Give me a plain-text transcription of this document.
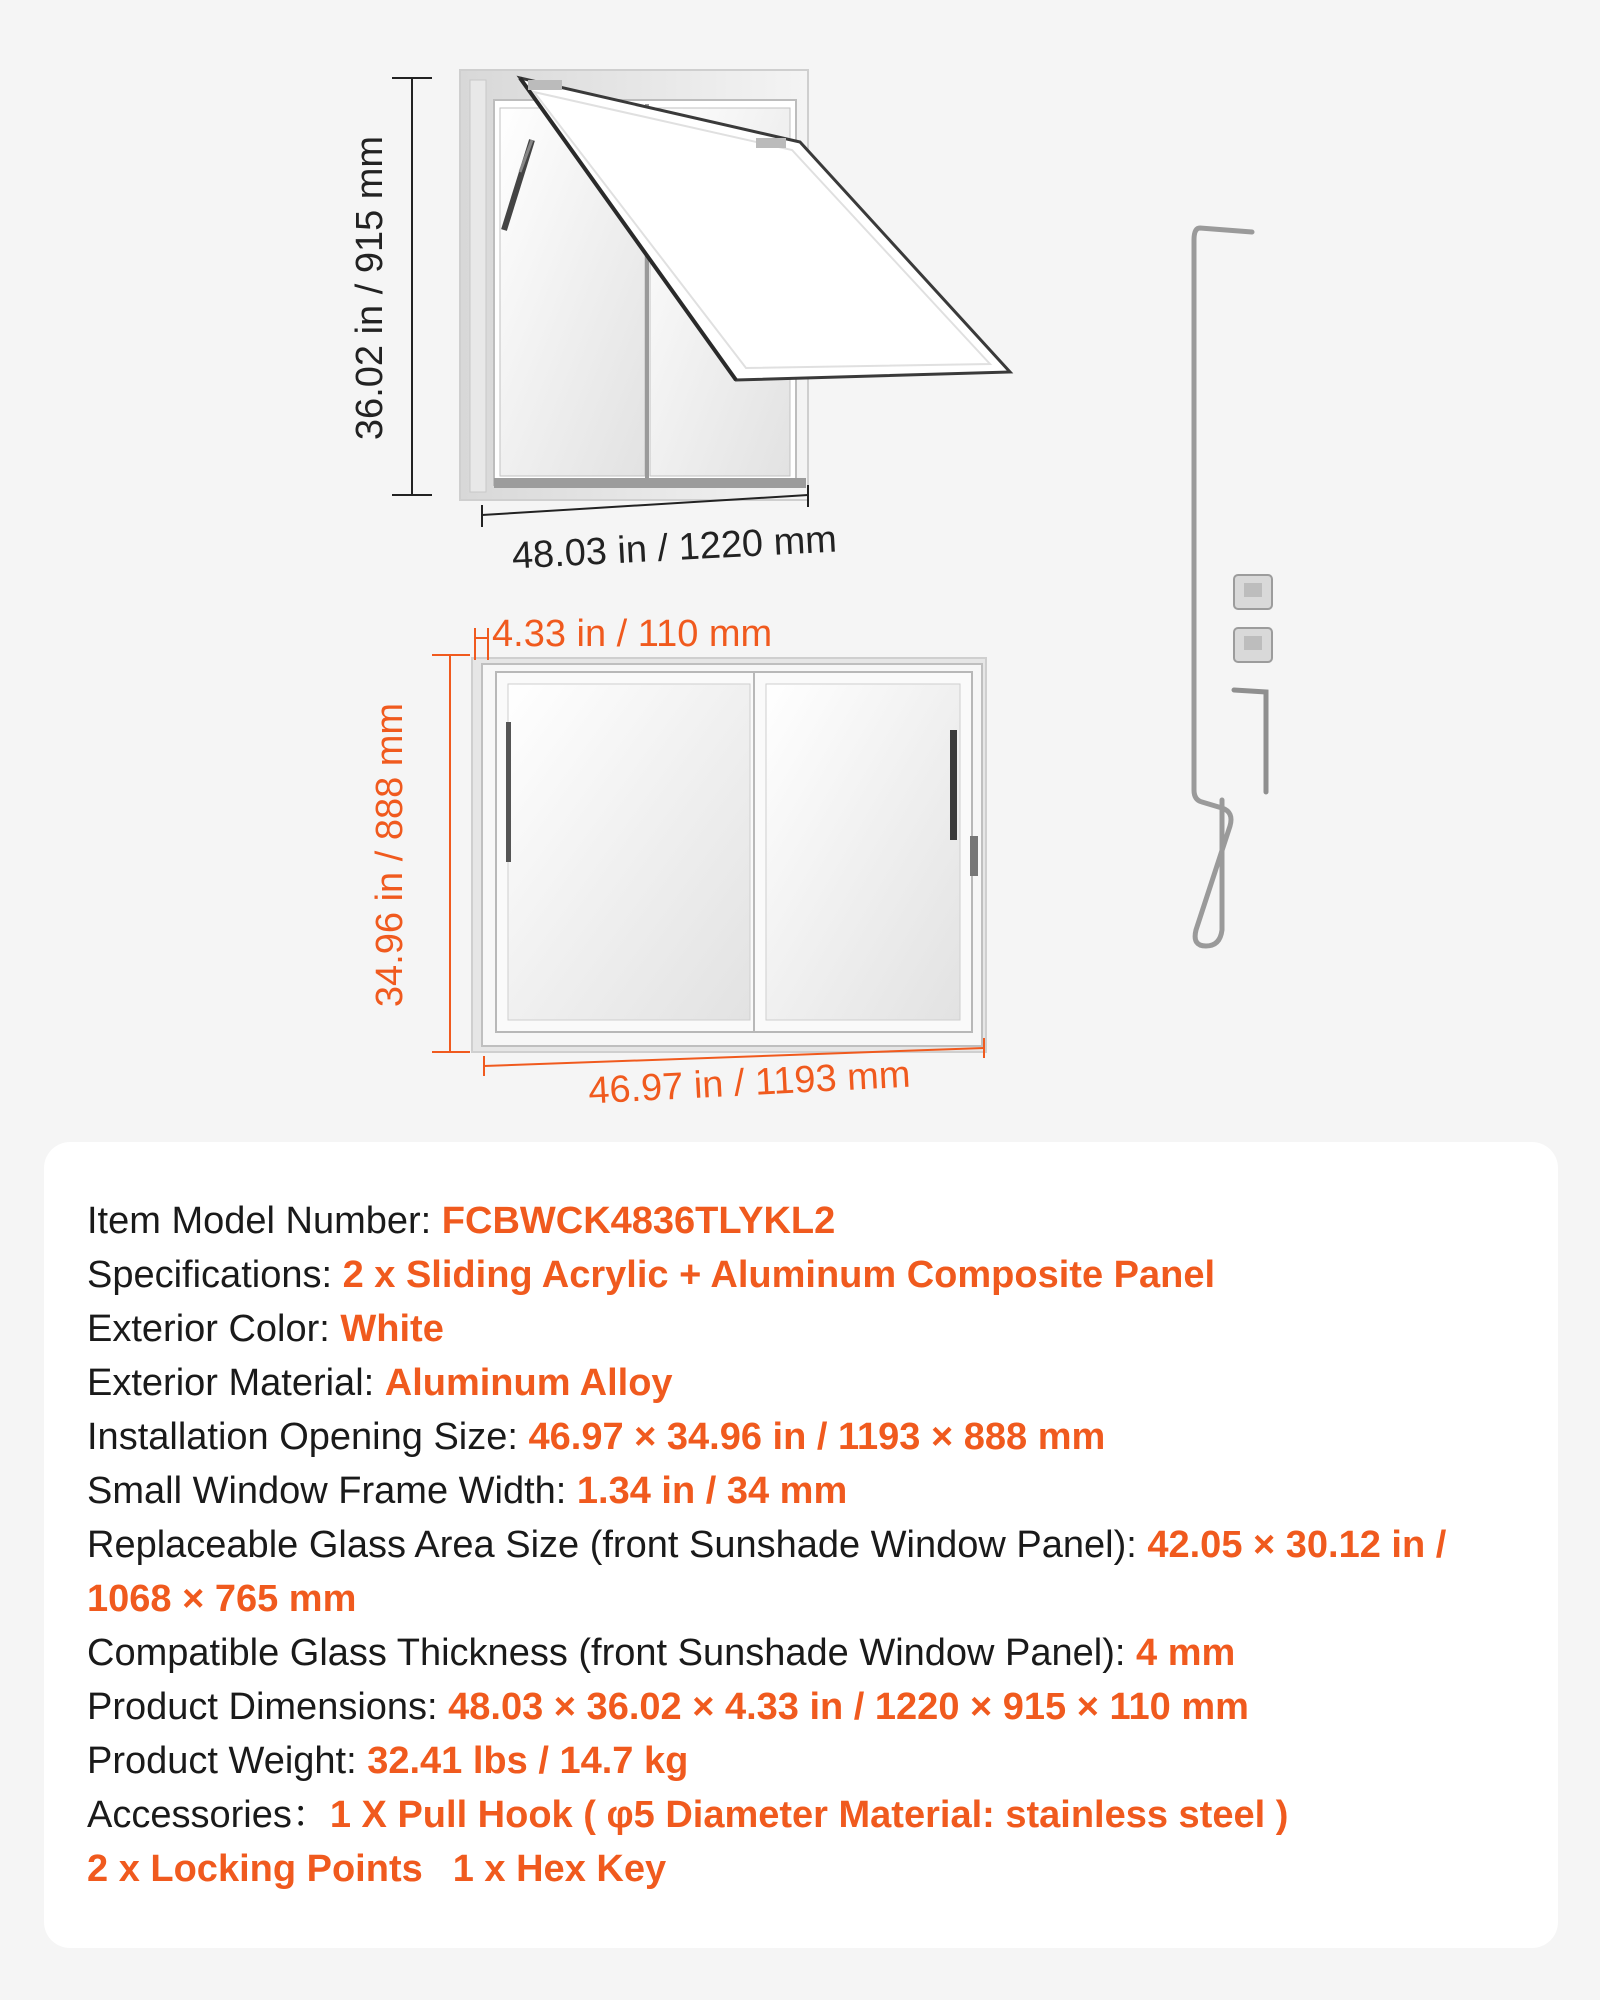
36.02 in / 915 mm
48.03 in / 1220 mm
34.96 in / 888 mm
4.33 in / 110 mm
46.97 in / 1193 mm
Item Model Number: FCBWCK4836TLYKL2
Specifications: 2 x Sliding Acrylic + Aluminum Composite Panel
Exterior Color: White
Exterior Material: Aluminum Alloy
Installation Opening Size: 46.97 × 34.96 in / 1193 × 888 mm
Small Window Frame Width: 1.34 in / 34 mm
Replaceable Glass Area Size (front Sunshade Window Panel): 42.05 × 30.12 in /
1068 × 765 mm
Compatible Glass Thickness (front Sunshade Window Panel): 4 mm
Product Dimensions: 48.03 × 36.02 × 4.33 in / 1220 × 915 × 110 mm
Product Weight: 32.41 lbs / 14.7 kg
Accessories：1 X Pull Hook ( φ5 Diameter Material: stainless steel )
2 x Locking Points 1 x Hex Key
